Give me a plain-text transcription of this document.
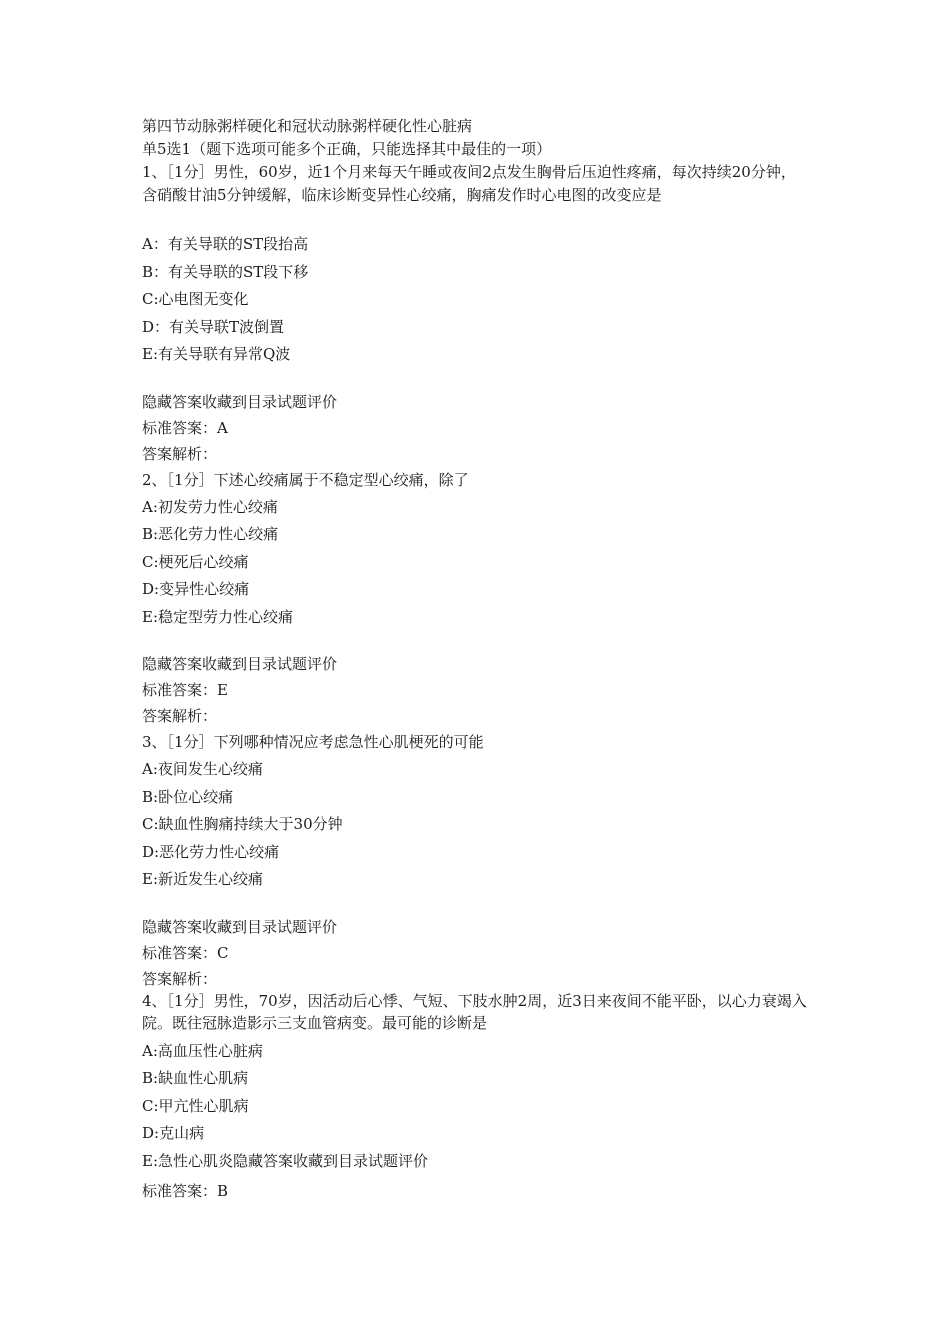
第四节动脉粥样硬化和冠状动脉粥样硬化性心脏病

单5选1（题下选项可能多个正确，只能选择其中最佳的一项）

1、［1分］男性，60岁，近1个月来每天午睡或夜间2点发生胸骨后压迫性疼痛，每次持续20分钟，含硝酸甘油5分钟缓解，临床诊断变异性心绞痛，胸痛发作时心电图的改变应是

A：有关导联的ST段抬高

B：有关导联的ST段下移

C:心电图无变化

D：有关导联T波倒置

E:有关导联有异常Q波

隐藏答案收藏到目录试题评价

标准答案：A

答案解析：

2、［1分］下述心绞痛属于不稳定型心绞痛，除了

A:初发劳力性心绞痛

B:恶化劳力性心绞痛

C:梗死后心绞痛

D:变异性心绞痛

E:稳定型劳力性心绞痛

隐藏答案收藏到目录试题评价

标准答案：E

答案解析：

3、［1分］下列哪种情况应考虑急性心肌梗死的可能

A:夜间发生心绞痛

B:卧位心绞痛

C:缺血性胸痛持续大于30分钟

D:恶化劳力性心绞痛

E:新近发生心绞痛

隐藏答案收藏到目录试题评价

标准答案：C

答案解析：

4、［1分］男性，70岁，因活动后心悸、气短、下肢水肿2周，近3日来夜间不能平卧，以心力衰竭入院。既往冠脉造影示三支血管病变。最可能的诊断是

A:高血压性心脏病

B:缺血性心肌病

C:甲亢性心肌病

D:克山病

E:急性心肌炎隐藏答案收藏到目录试题评价

标准答案：B
